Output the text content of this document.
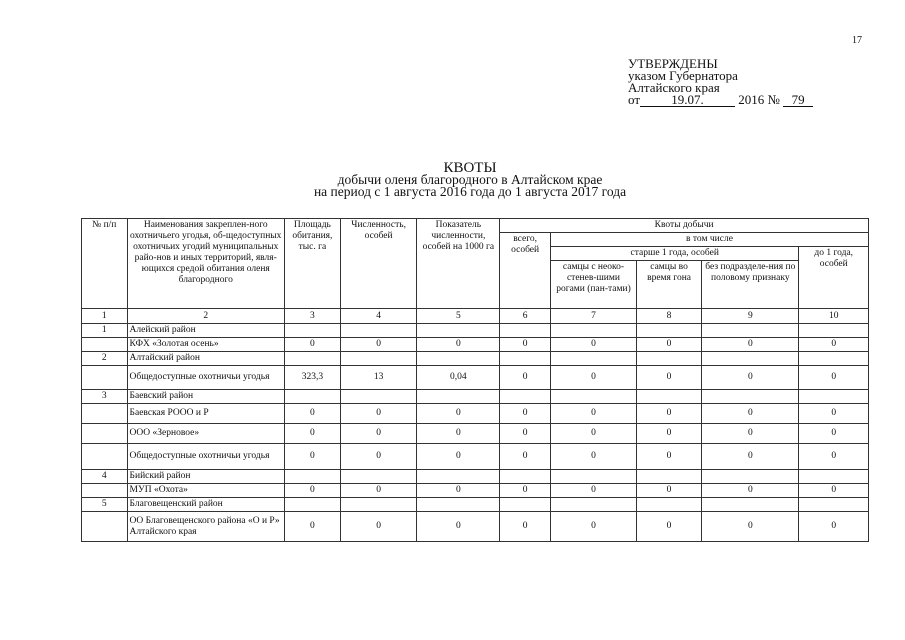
17
УТВЕРЖДЕНЫ
указом Губернатора
Алтайского края
от 19.07.	2016 № 79
КВОТЫ
добычи оленя благородного в Алтайском крае
на период с 1 августа 2016 года до 1 августа 2017 года
№ п/п	Наименования закреплен-ного охотничьего угодья, об-щедоступных охотничьих угодий муниципальных райо-нов и иных территорий, явля-ющихся средой обитания оленя благородного	Площадь обитания, тыс. га	Численность, особей	Показатель численности, особей на 1000 га	Квоты добычи				
					всего, особей	в том числе			
						старше 1 года, особей			до 1 года, особей
						самцы с неоко-стенев-шими рогами (пан-тами)	самцы во время гона	без подразделе-ния по половому признаку	
1	2	3	4	5	6	7	8	9	10
1	Алейский район								
	КФХ «Золотая осень»	0	0	0	0	0	0	0	0
2	Алтайский район								
	Общедоступные охотничьи угодья	323,3	13	0,04	0	0	0	0	0
3	Баевский район								
	Баевская РОOO и Р	0	0	0	0	0	0	0	0
	ООО «Зерновое»	0	0	0	0	0	0	0	0
	Общедоступные охотничьи угодья	0	0	0	0	0	0	0	0
4	Бийский район								
	МУП «Охота»	0	0	0	0	0	0	0	0
5	Благовещенский район								
	ОО Благовещенского района «О и Р» Алтайского края	0	0	0	0	0	0	0	0
